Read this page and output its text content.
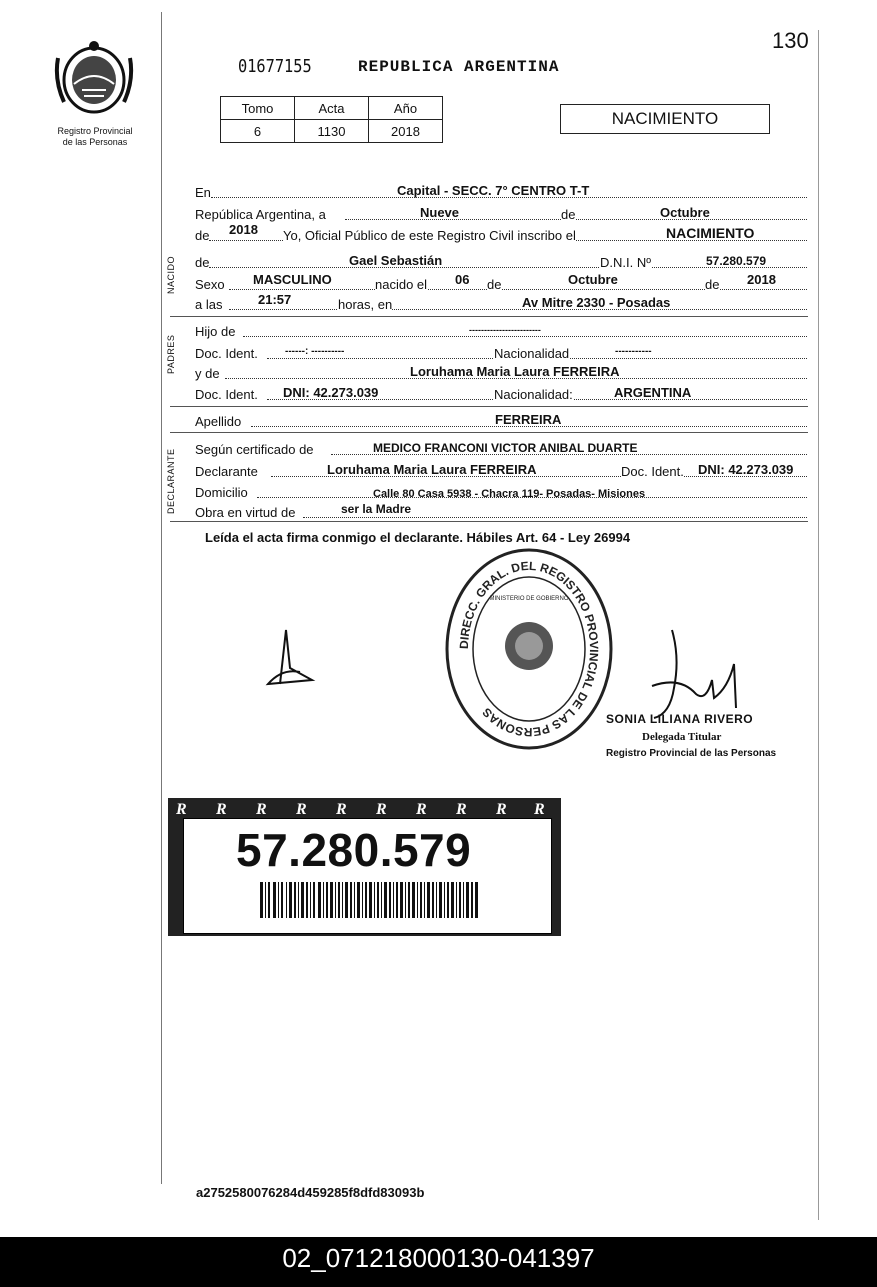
130
Registro Provincial
de las Personas
01677155	REPUBLICA ARGENTINA
Tomo	Acta	Año
6	1130	2018
NACIMIENTO
En	Capital - SECC. 7° CENTRO T-T
República Argentina, a	Nueve	de	Octubre
de 2018 Yo, Oficial Público de este Registro Civil inscribo el	NACIMIENTO
NACIDO de	Gael Sebastián	D.N.I. Nº	57.280.579
Sexo MASCULINO	nacido el 06 de	Octubre	de 2018
a las	21:57	horas, en	Av Mitre 2330 - Posadas
PADRES
Hijo de	------------------------
Doc. Ident.	------: ----------	Nacionalidad	-----------
y de	Loruhama Maria Laura FERREIRA
Doc. Ident. DNI: 42.273.039	Nacionalidad:	ARGENTINA
Apellido	FERREIRA
DECLARANTE Según certificado de	MEDICO FRANCONI VICTOR ANIBAL DUARTE
Declarante	Loruhama Maria Laura FERREIRA	Doc. Ident. DNI: 42.273.039
Domicilio	Calle 80 Casa 5938 - Chacra 119- Posadas- Misiones
Obra en virtud de	ser la Madre
Leída el acta firma conmigo el declarante. Hábiles Art. 64 - Ley 26994
DIRECC. GRAL. DEL REGISTRO PROVINCIAL DE LAS PERSONAS
MINISTERIO DE GOBIERNO
SONIA LILIANA RIVERO
Delegada Titular
Registro Provincial de las Personas
R R R R R R R R R R
57.280.579
a2752580076284d459285f8dfd83093b
02_071218000130-041397
